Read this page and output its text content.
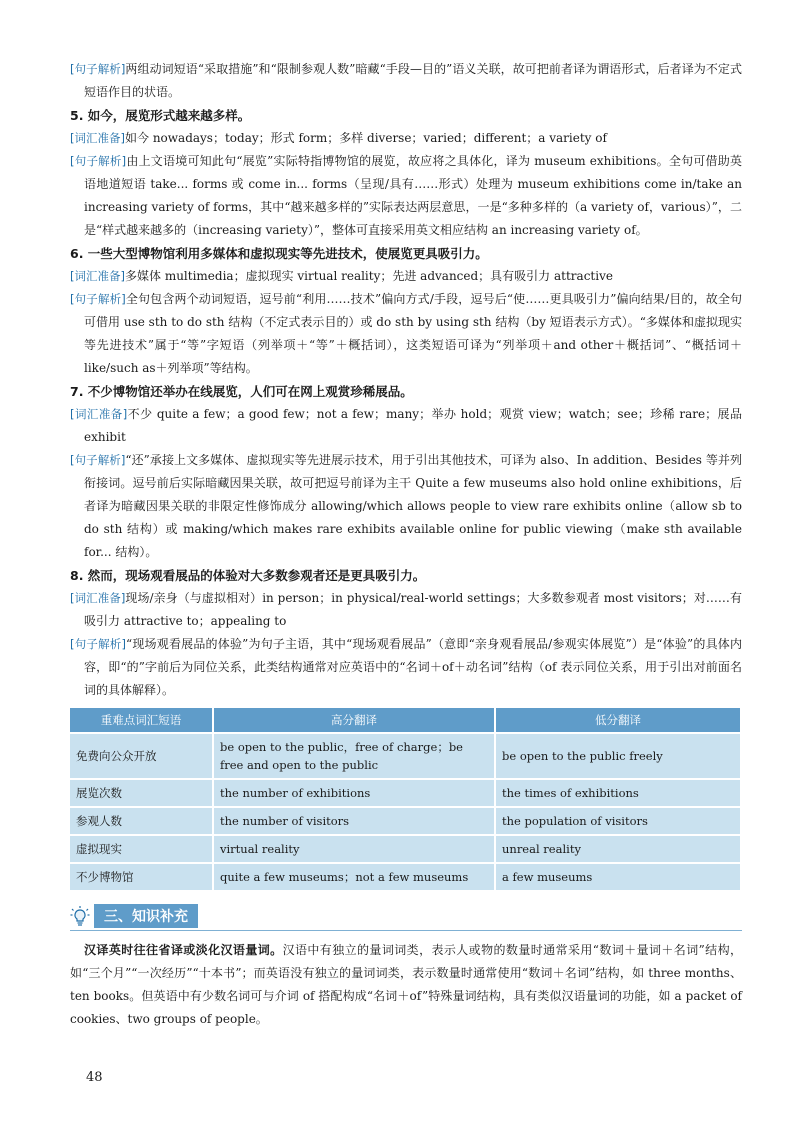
[句子解析]两组动词短语“采取措施”和“限制参观人数”暗藏“手段—目的”语义关联，故可把前者译为谓语形式，后者译为不定式短语作目的状语。

5. 如今，展览形式越来越多样。

[词汇准备]如今 nowadays；today；形式 form；多样 diverse；varied；different；a variety of

[句子解析]由上文语境可知此句“展览”实际特指博物馆的展览，故应将之具体化，译为 museum exhibitions。全句可借助英语地道短语 take... forms 或 come in... forms（呈现/具有……形式）处理为 museum exhibitions come in/take an increasing variety of forms，其中“越来越多样的”实际表达两层意思，一是“多种多样的（a variety of，various）”，二是“样式越来越多的（increasing variety）”，整体可直接采用英文相应结构 an increasing variety of。

6. 一些大型博物馆利用多媒体和虚拟现实等先进技术，使展览更具吸引力。

[词汇准备]多媒体 multimedia；虚拟现实 virtual reality；先进 advanced；具有吸引力 attractive

[句子解析]全句包含两个动词短语，逗号前“利用……技术”偏向方式/手段，逗号后“使……更具吸引力”偏向结果/目的，故全句可借用 use sth to do sth 结构（不定式表示目的）或 do sth by using sth 结构（by 短语表示方式）。“多媒体和虚拟现实等先进技术”属于“等”字短语（列举项＋“等”＋概括词），这类短语可译为“列举项＋and other＋概括词”、“概括词＋like/such as＋列举项”等结构。

7. 不少博物馆还举办在线展览，人们可在网上观赏珍稀展品。

[词汇准备]不少 quite a few；a good few；not a few；many；举办 hold；观赏 view；watch；see；珍稀 rare；展品 exhibit

[句子解析]“还”承接上文多媒体、虚拟现实等先进展示技术，用于引出其他技术，可译为 also、In addition、Besides 等并列衔接词。逗号前后实际暗藏因果关联，故可把逗号前译为主干 Quite a few museums also hold online exhibitions，后者译为暗藏因果关联的非限定性修饰成分 allowing/which allows people to view rare exhibits online（allow sb to do sth 结构）或 making/which makes rare exhibits available online for public viewing（make sth available for... 结构）。

8. 然而，现场观看展品的体验对大多数参观者还是更具吸引力。

[词汇准备]现场/亲身（与虚拟相对）in person；in physical/real-world settings；大多数参观者 most visitors；对……有吸引力 attractive to；appealing to

[句子解析]“现场观看展品的体验”为句子主语，其中“现场观看展品”（意即“亲身观看展品/参观实体展览”）是“体验”的具体内容，即“的”字前后为同位关系，此类结构通常对应英语中的“名词＋of＋动名词”结构（of 表示同位关系，用于引出对前面名词的具体解释）。

重难点词汇短语	高分翻译	低分翻译
免费向公众开放	be open to the public，free of charge；be free and open to the public	be open to the public freely
展览次数	the number of exhibitions	the times of exhibitions
参观人数	the number of visitors	the population of visitors
虚拟现实	virtual reality	unreal reality
不少博物馆	quite a few museums；not a few museums	a few museums
三、知识补充

汉译英时往往省译或淡化汉语量词。汉语中有独立的量词词类，表示人或物的数量时通常采用“数词＋量词＋名词”结构，如“三个月”“一次经历”“十本书”；而英语没有独立的量词词类，表示数量时通常使用“数词＋名词”结构，如 three months、ten books。但英语中有少数名词可与介词 of 搭配构成“名词＋of”特殊量词结构，具有类似汉语量词的功能，如 a packet of cookies、two groups of people。

48
